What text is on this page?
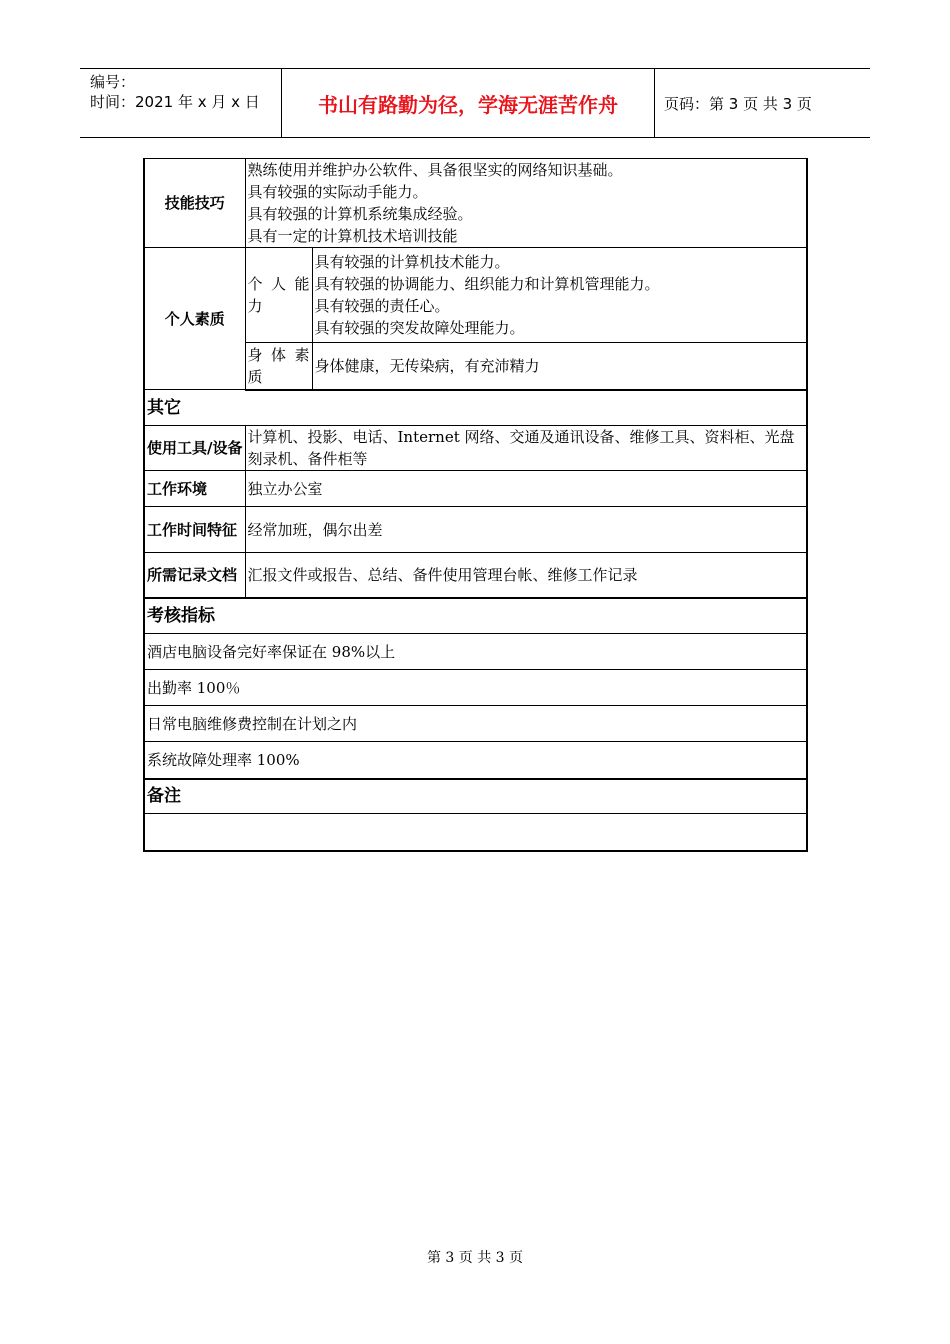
编号：
时间：2021 年 x 月 x 日	书山有路勤为径，学海无涯苦作舟	页码：第 3 页 共 3 页
技能技巧	熟练使用并维护办公软件、具备很坚实的网络知识基础。
具有较强的实际动手能力。
具有较强的计算机系统集成经验。
具有一定的计算机技术培训技能	

个人素质	个 人 能力	具有较强的计算机技术能力。
具有较强的协调能力、组织能力和计算机管理能力。
具有较强的责任心。
具有较强的突发故障处理能力。

	身 体 素质	身体健康，无传染病，有充沛精力
其它		
使用工具/设备	计算机、投影、电话、Internet 网络、交通及通讯设备、维修工具、资料柜、光盘刻录机、备件柜等	
工作环境	独立办公室	
工作时间特征	经常加班，偶尔出差	
所需记录文档	汇报文件或报告、总结、备件使用管理台帐、维修工作记录	
考核指标		
酒店电脑设备完好率保证在 98%以上		
出勤率 100％		
日常电脑维修费控制在计划之内		
系统故障处理率 100%		
备注		

第 3 页 共 3 页
